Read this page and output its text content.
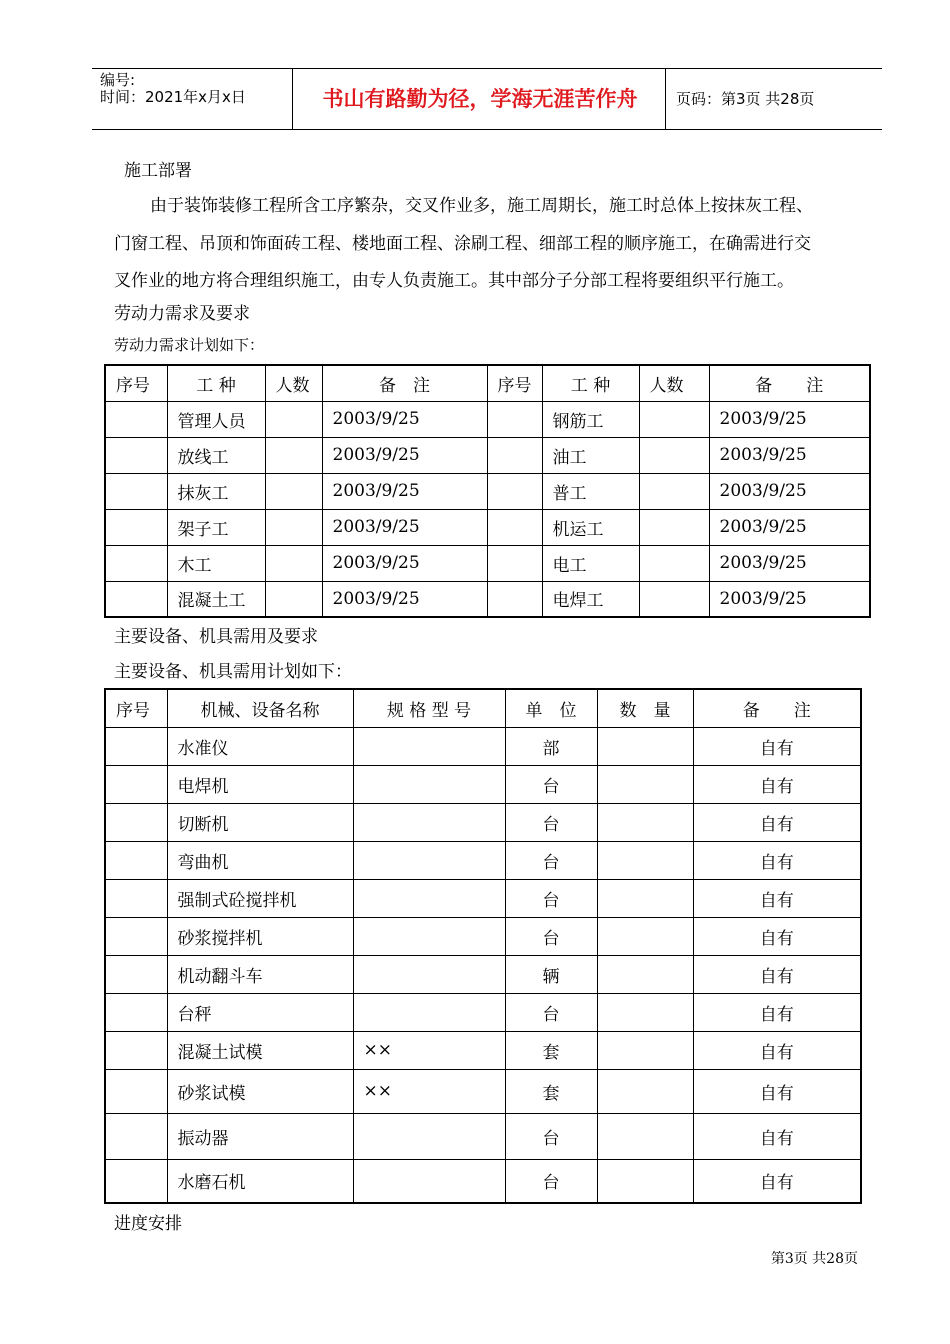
编号:
时间：2021年x月x日	书山有路勤为径，学海无涯苦作舟	页码：第3页 共28页
施工部署
由于装饰装修工程所含工序繁杂，交叉作业多，施工周期长，施工时总体上按抹灰工程、
门窗工程、吊顶和饰面砖工程、楼地面工程、涂刷工程、细部工程的顺序施工，在确需进行交
叉作业的地方将合理组织施工，由专人负责施工。其中部分子分部工程将要组织平行施工。
劳动力需求及要求
劳动力需求计划如下：
序号	工 种	人数	备　注	序号	工 种	人数	备　　注
	管理人员		2003/9/25		钢筋工		2003/9/25
	放线工		2003/9/25		油工		2003/9/25
	抹灰工		2003/9/25		普工		2003/9/25
	架子工		2003/9/25		机运工		2003/9/25
	木工		2003/9/25		电工		2003/9/25
	混凝土工		2003/9/25		电焊工		2003/9/25
主要设备、机具需用及要求
主要设备、机具需用计划如下：
序号	机械、设备名称	规 格 型 号	单　位	数　量	备　　注
	水准仪		部		自有
	电焊机		台		自有
	切断机		台		自有
	弯曲机		台		自有
	强制式砼搅拌机		台		自有
	砂浆搅拌机		台		自有
	机动翻斗车		辆		自有
	台秤		台		自有
	混凝土试模	××	套		自有
	砂浆试模	××	套		自有
	振动器		台		自有
	水磨石机		台		自有
进度安排
第3页 共28页
